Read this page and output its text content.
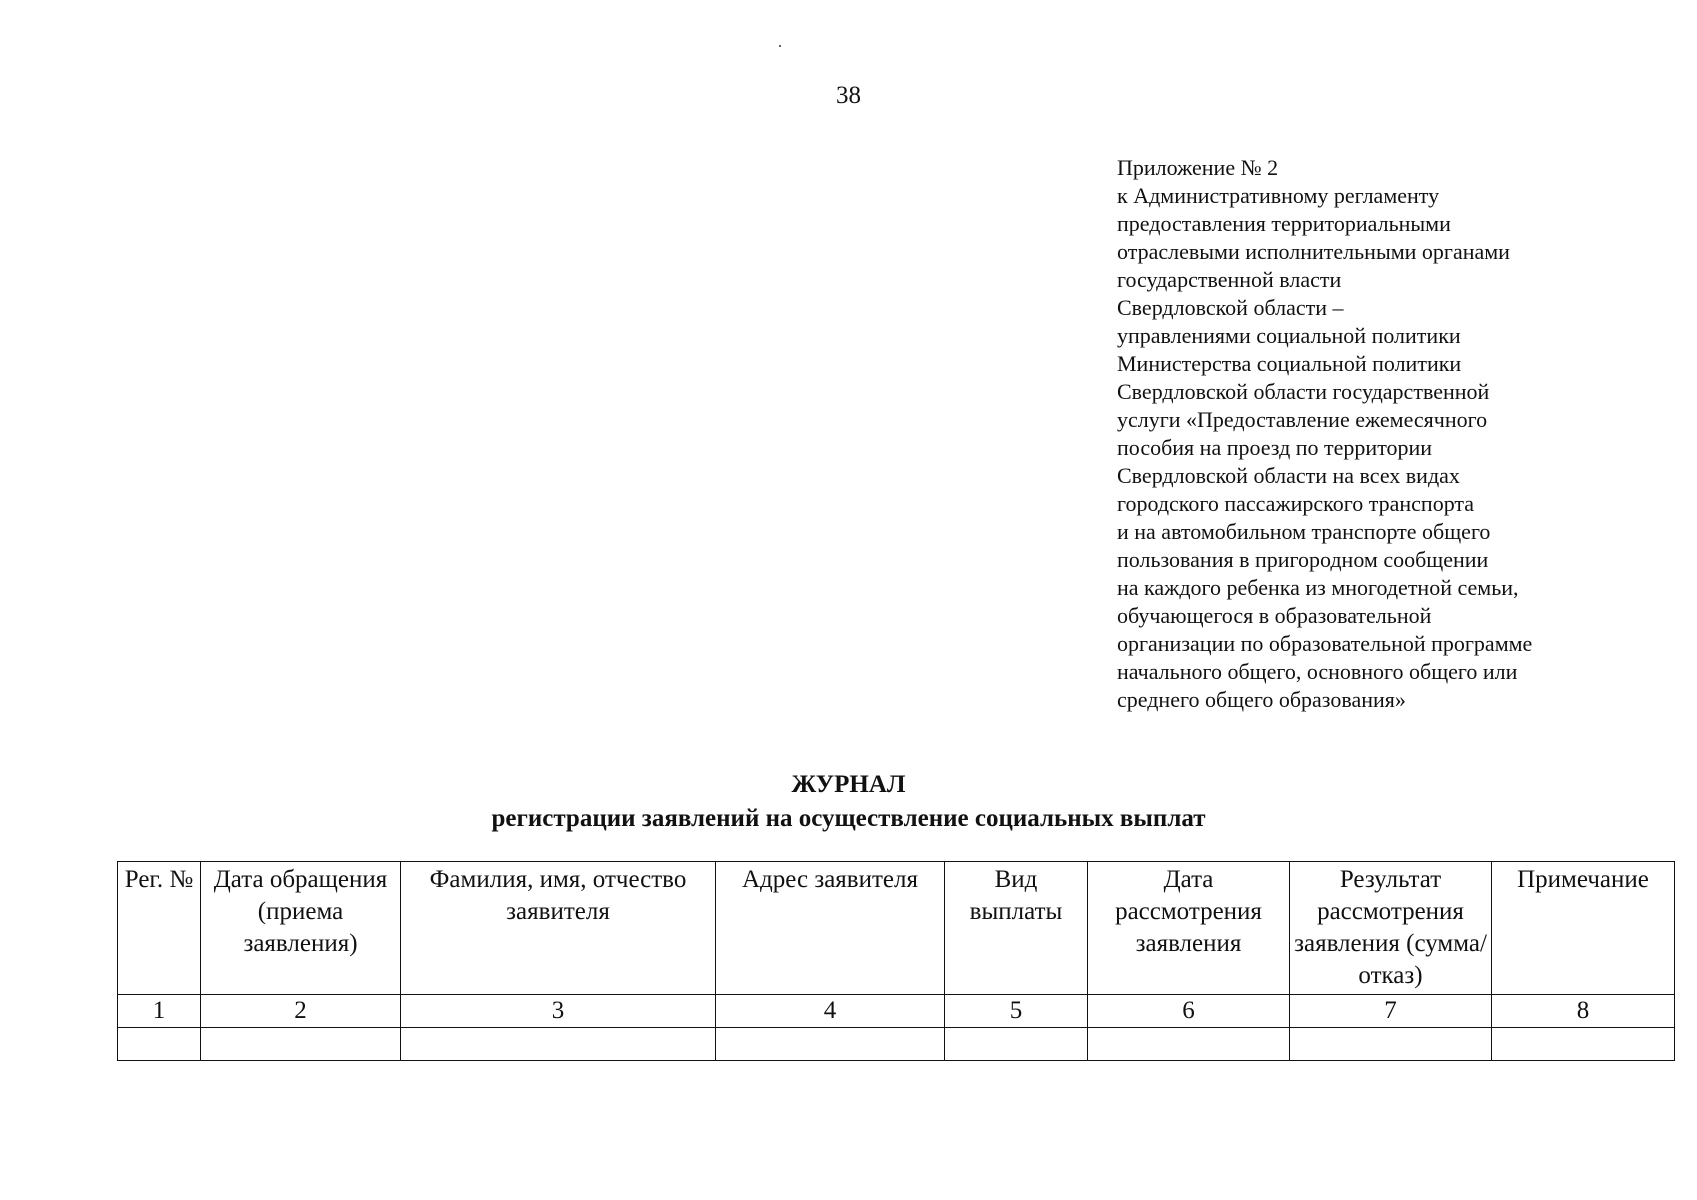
38
Приложение № 2
к Административному регламенту
предоставления территориальными
отраслевыми исполнительными органами
государственной власти
Свердловской области –
управлениями социальной политики
Министерства социальной политики
Свердловской области государственной
услуги «Предоставление ежемесячного
пособия на проезд по территории
Свердловской области на всех видах
городского пассажирского транспорта
и на автомобильном транспорте общего
пользования в пригородном сообщении
на каждого ребенка из многодетной семьи,
обучающегося в образовательной
организации по образовательной программе
начального общего, основного общего или
среднего общего образования»
ЖУРНАЛ
регистрации заявлений на осуществление социальных выплат
Рег. №	Дата обращения (приема заявления)	Фамилия, имя, отчество заявителя	Адрес заявителя	Вид выплаты	Дата рассмотрения заявления	Результат рассмотрения заявления (сумма/отказ)	Примечание
1	2	3	4	5	6	7	8
